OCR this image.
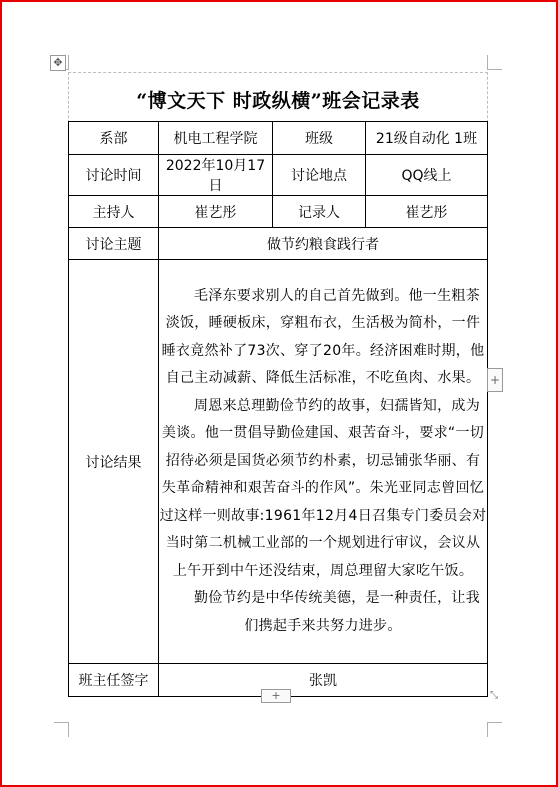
✥
“博文天下 时政纵横”班会记录表
系部	机电工程学院	班级	21级自动化 1班
讨论时间	2022年10月17日	讨论地点	QQ线上
主持人	崔艺彤	记录人	崔艺彤
讨论主题	做节约粮食践行者		
讨论结果	毛泽东要求别人的自己首先做到。他一生粗茶淡饭，睡硬板床，穿粗布衣，生活极为简朴，一件睡衣竟然补了73次、穿了20年。经济困难时期，他自己主动减薪、降低生活标准，不吃鱼肉、水果。

周恩来总理勤俭节约的故事，妇孺皆知，成为美谈。他一贯倡导勤俭建国、艰苦奋斗，要求“一切招待必须是国货必须节约朴素，切忌铺张华丽、有失革命精神和艰苦奋斗的作风”。朱光亚同志曾回忆过这样一则故事:1961年12月4日召集专门委员会对当时第二机械工业部的一个规划进行审议，会议从上午开到中午还没结束，周总理留大家吃午饭。

勤俭节约是中华传统美德，是一种责任，让我们携起手来共努力进步。		

班主任签字	张凯		
+
+	⤡
